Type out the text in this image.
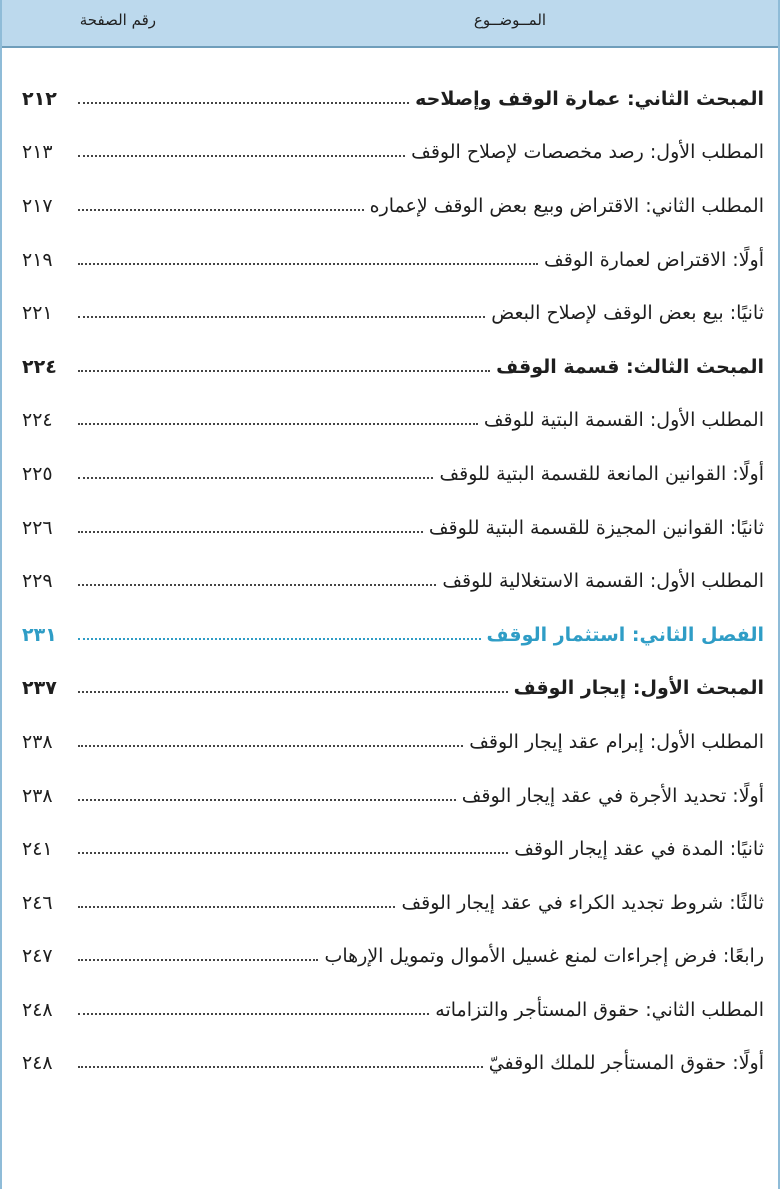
المــوضــوع
رقم الصفحة
المبحث الثاني: عمارة الوقف وإصلاحه
٢١٢
المطلب الأول: رصد مخصصات لإصلاح الوقف
٢١٣
المطلب الثاني: الاقتراض وبيع بعض الوقف لإعماره
٢١٧
أولًا: الاقتراض لعمارة الوقف
٢١٩
ثانيًا: بيع بعض الوقف لإصلاح البعض
٢٢١
المبحث الثالث: قسمة الوقف
٢٢٤
المطلب الأول: القسمة البتية للوقف
٢٢٤
أولًا: القوانين المانعة للقسمة البتية للوقف
٢٢٥
ثانيًا: القوانين المجيزة للقسمة البتية للوقف
٢٢٦
المطلب الأول: القسمة الاستغلالية للوقف
٢٢٩
الفصل الثاني: استثمار الوقف
٢٣١
المبحث الأول: إيجار الوقف
٢٣٧
المطلب الأول: إبرام عقد إيجار الوقف
٢٣٨
أولًا: تحديد الأجرة في عقد إيجار الوقف
٢٣٨
ثانيًا: المدة في عقد إيجار الوقف
٢٤١
ثالثًا: شروط تجديد الكراء في عقد إيجار الوقف
٢٤٦
رابعًا: فرض إجراءات لمنع غسيل الأموال وتمويل الإرهاب
٢٤٧
المطلب الثاني: حقوق المستأجر والتزاماته
٢٤٨
أولًا: حقوق المستأجر للملك الوقفيّ
٢٤٨
